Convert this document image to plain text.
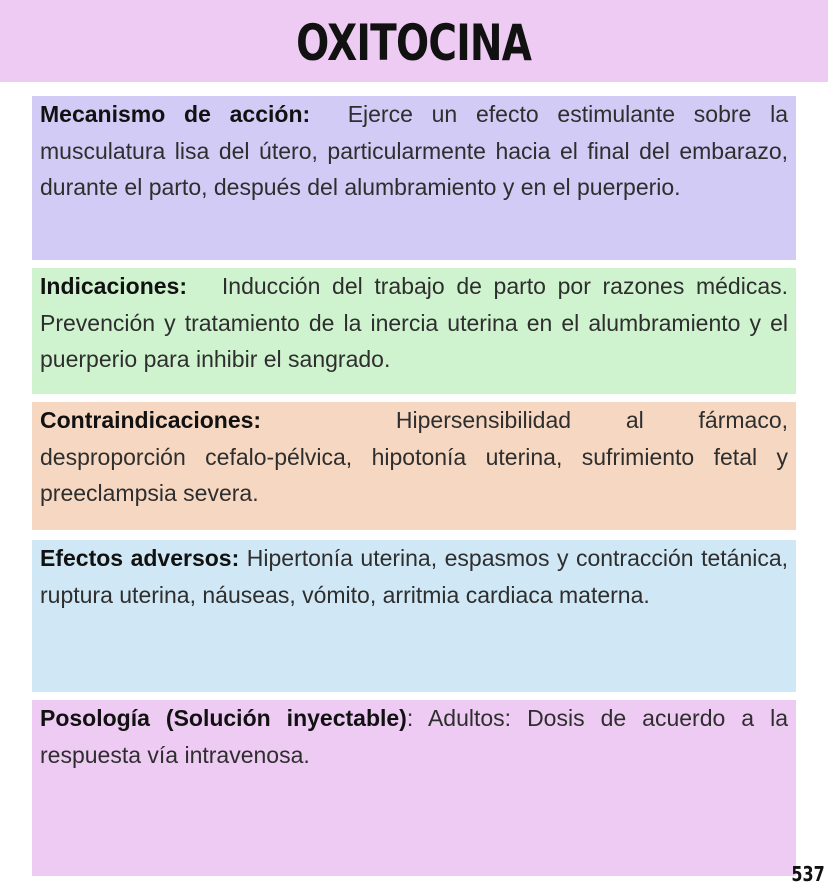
OXITOCINA
Mecanismo de acción: Ejerce un efecto estimulante sobre la musculatura lisa del útero, particularmente hacia el final del embarazo, durante el parto, después del alumbramiento y en el puerperio.
Indicaciones: Inducción del trabajo de parto por razones médicas. Prevención y tratamiento de la inercia uterina en el alumbramiento y el puerperio para inhibir el sangrado.
Contraindicaciones:	Hipersensibilidad al fármaco, desproporción cefalo-pélvica, hipotonía uterina, sufrimiento fetal y preeclampsia severa.
Efectos adversos: Hipertonía uterina, espasmos y contracción tetánica, ruptura uterina, náuseas, vómito, arritmia cardiaca materna.
Posología (Solución inyectable): Adultos: Dosis de acuerdo a la respuesta vía intravenosa.
537
